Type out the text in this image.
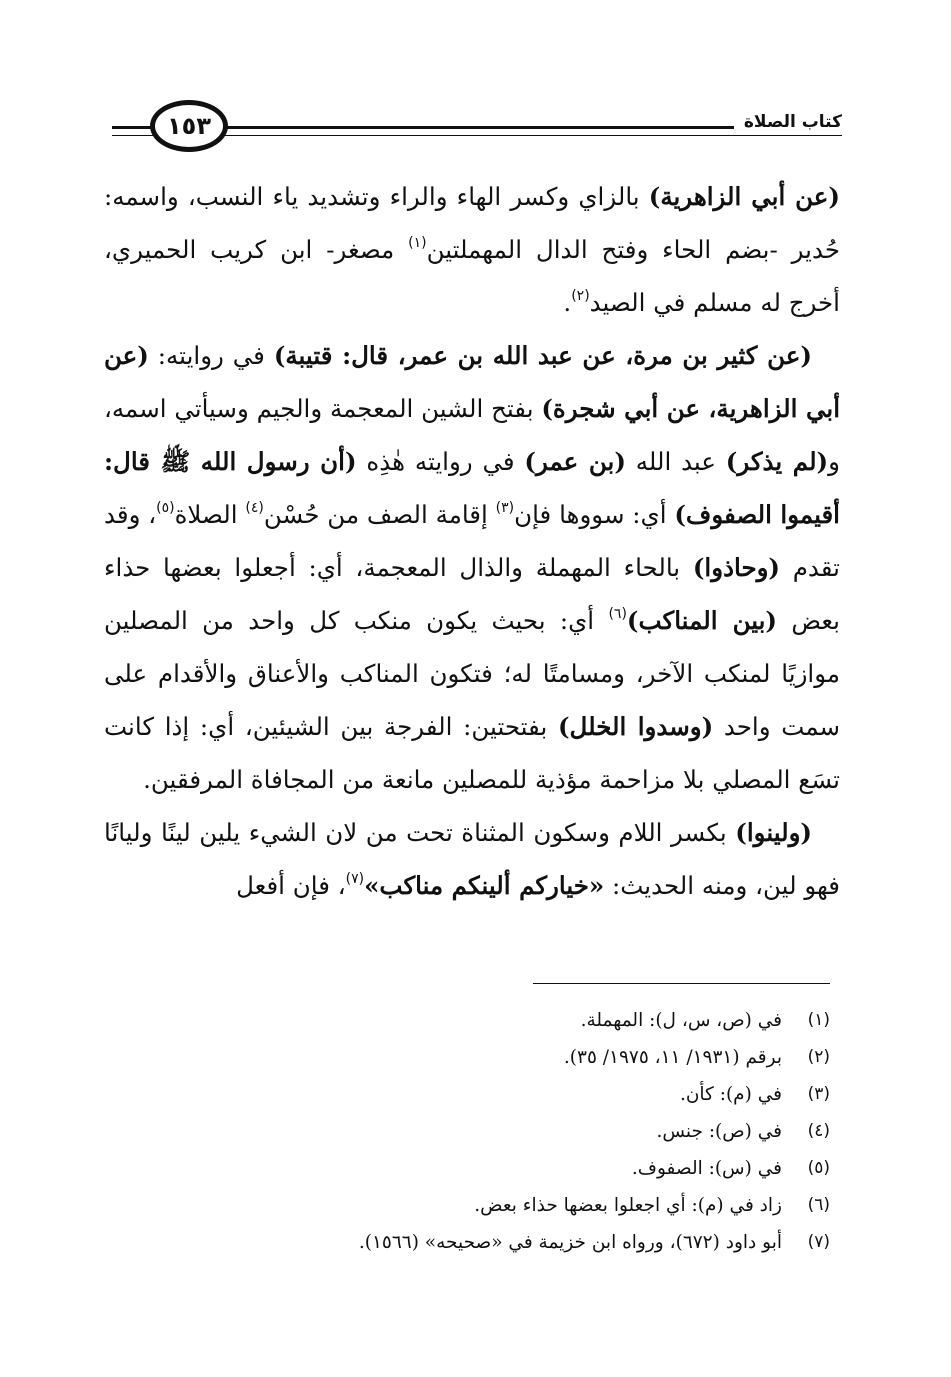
١٥٣	كتاب الصلاة

(عن أبي الزاهرية) بالزاي وكسر الهاء والراء وتشديد ياء النسب، واسمه: حُدير -بضم الحاء وفتح الدال المهملتين$^{(١)}$ مصغر- ابن كريب الحميري، أخرج له مسلم في الصيد$^{(٢)}$.

(عن كثير بن مرة، عن عبد الله بن عمر، قال: قتيبة) في روايته: (عن أبي الزاهرية، عن أبي شجرة) بفتح الشين المعجمة والجيم وسيأتي اسمه، و(لم يذكر) عبد الله (بن عمر) في روايته هٰذِه (أن رسول الله ﷺ قال: أقيموا الصفوف) أي: سووها فإن$^{(٣)}$ إقامة الصف من حُسْن$^{(٤)}$ الصلاة$^{(٥)}$، وقد تقدم (وحاذوا) بالحاء المهملة والذال المعجمة، أي: أجعلوا بعضها حذاء بعض (بين المناكب)$^{(٦)}$ أي: بحيث يكون منكب كل واحد من المصلين موازيًا لمنكب الآخر، ومسامتًا له؛ فتكون المناكب والأعناق والأقدام على سمت واحد (وسدوا الخلل) بفتحتين: الفرجة بين الشيئين، أي: إذا كانت تسَع المصلي بلا مزاحمة مؤذية للمصلين مانعة من المجافاة المرفقين.

(ولينوا) بكسر اللام وسكون المثناة تحت من لان الشيء يلين لينًا وليانًا فهو لين، ومنه الحديث: «خياركم ألينكم مناكب»$^{(٧)}$، فإن أفعل

(١)
في (ص، س، ل): المهملة.
(٢)
برقم (١٩٣١/ ١١، ١٩٧٥/ ٣٥).
(٣)
في (م): كأن.
(٤)
في (ص): جنس.
(٥)
في (س): الصفوف.
(٦)
زاد في (م): أي اجعلوا بعضها حذاء بعض.
(٧)
أبو داود (٦٧٢)، ورواه ابن خزيمة في «صحيحه» (١٥٦٦).
